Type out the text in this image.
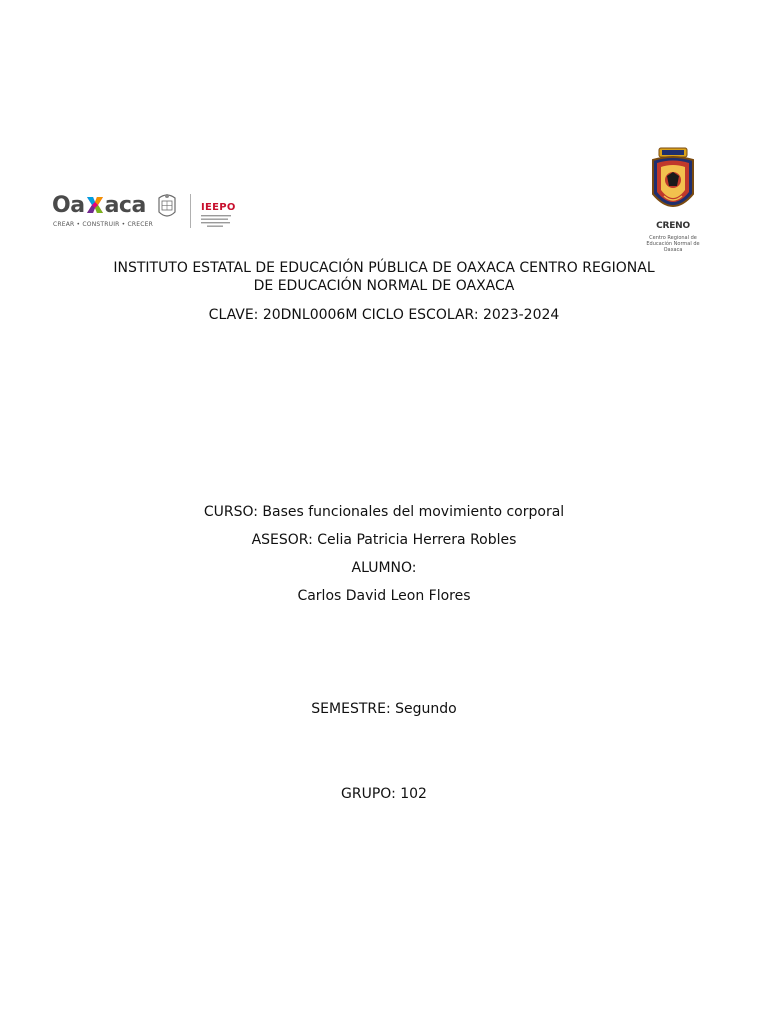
Oa aca
CREAR • CONSTRUIR • CRECER
IEEPO
CRENO
Centro Regional de Educación Normal de Oaxaca

INSTITUTO ESTATAL DE EDUCACIÓN PÚBLICA DE OAXACA CENTRO REGIONAL DE EDUCACIÓN NORMAL DE OAXACA

CLAVE: 20DNL0006M CICLO ESCOLAR: 2023-2024

CURSO: Bases funcionales del movimiento corporal

ASESOR: Celia Patricia Herrera Robles

ALUMNO:

Carlos David Leon Flores

SEMESTRE: Segundo

GRUPO: 102
